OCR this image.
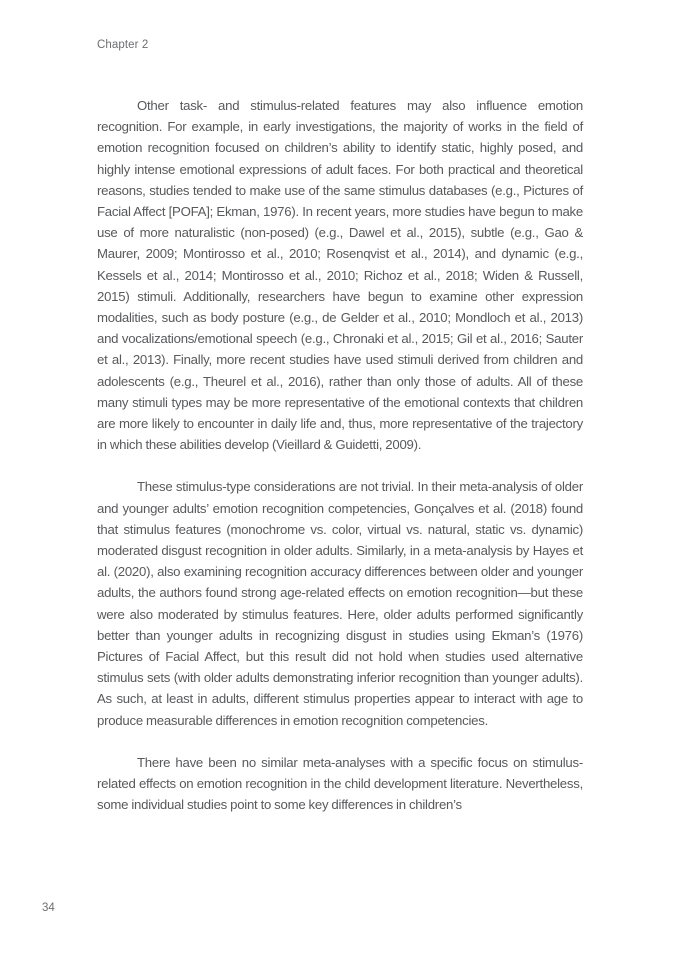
Chapter 2

Other task- and stimulus-related features may also influence emotion recognition. For example, in early investigations, the majority of works in the field of emotion recognition focused on children’s ability to identify static, highly posed, and highly intense emotional expressions of adult faces. For both practical and theoretical reasons, studies tended to make use of the same stimulus databases (e.g., Pictures of Facial Affect [POFA]; Ekman, 1976). In recent years, more studies have begun to make use of more naturalistic (non-posed) (e.g., Dawel et al., 2015), subtle (e.g., Gao & Maurer, 2009; Montirosso et al., 2010; Rosenqvist et al., 2014), and dynamic (e.g., Kessels et al., 2014; Montirosso et al., 2010; Richoz et al., 2018; Widen & Russell, 2015) stimuli. Additionally, researchers have begun to examine other expression modalities, such as body posture (e.g., de Gelder et al., 2010; Mondloch et al., 2013) and vocalizations/emotional speech (e.g., Chronaki et al., 2015; Gil et al., 2016; Sauter et al., 2013). Finally, more recent studies have used stimuli derived from children and adolescents (e.g., Theurel et al., 2016), rather than only those of adults. All of these many stimuli types may be more representative of the emotional contexts that children are more likely to encounter in daily life and, thus, more representative of the trajectory in which these abilities develop (Vieillard & Guidetti, 2009).

These stimulus-type considerations are not trivial. In their meta-analysis of older and younger adults’ emotion recognition competencies, Gonçalves et al. (2018) found that stimulus features (monochrome vs. color, virtual vs. natural, static vs. dynamic) moderated disgust recognition in older adults. Similarly, in a meta-analysis by Hayes et al. (2020), also examining recognition accuracy differences between older and younger adults, the authors found strong age-related effects on emotion recognition—but these were also moderated by stimulus features. Here, older adults performed significantly better than younger adults in recognizing disgust in studies using Ekman’s (1976) Pictures of Facial Affect, but this result did not hold when studies used alternative stimulus sets (with older adults demonstrating inferior recognition than younger adults). As such, at least in adults, different stimulus properties appear to interact with age to produce measurable differences in emotion recognition competencies.

There have been no similar meta-analyses with a specific focus on stimulus-related effects on emotion recognition in the child development literature. Nevertheless, some individual studies point to some key differences in children’s

34
